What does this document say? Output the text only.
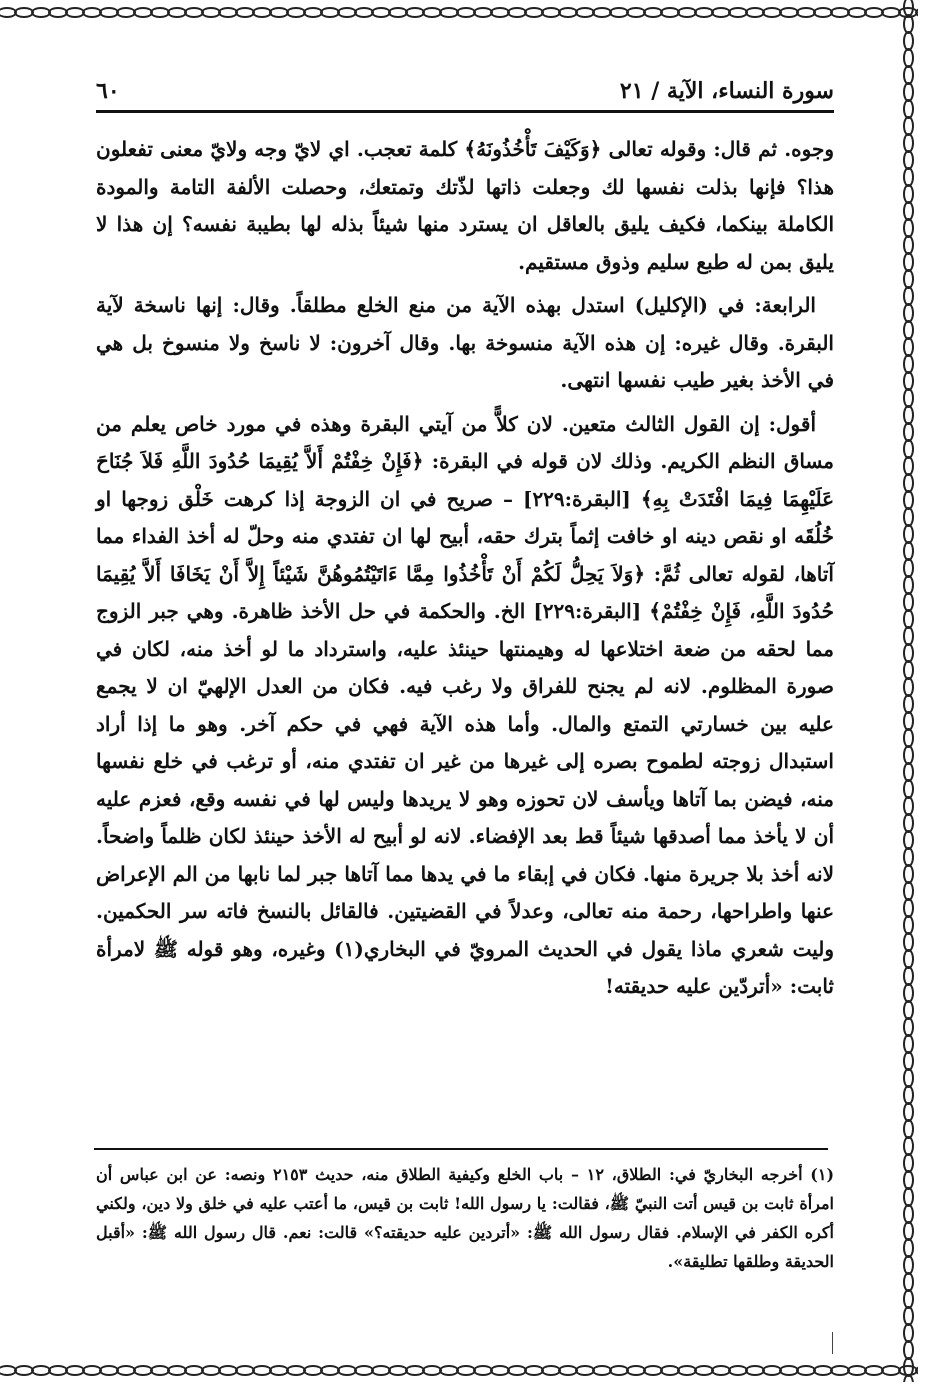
سورة النساء، الآية / ٢١
٦٠

وجوه. ثم قال: وقوله تعالى ﴿وَكَيْفَ تَأْخُذُونَهُ﴾ كلمة تعجب. اي لايّ وجه ولايّ معنى تفعلون هذا؟ فإنها بذلت نفسها لك وجعلت ذاتها لذّتك وتمتعك، وحصلت الألفة التامة والمودة الكاملة بينكما، فكيف يليق بالعاقل ان يسترد منها شيئاً بذله لها بطيبة نفسه؟ إن هذا لا يليق بمن له طبع سليم وذوق مستقيم.

الرابعة: في (الإكليل) استدل بهذه الآية من منع الخلع مطلقاً. وقال: إنها ناسخة لآية البقرة. وقال غيره: إن هذه الآية منسوخة بها. وقال آخرون: لا ناسخ ولا منسوخ بل هي في الأخذ بغير طيب نفسها انتهى.

أقول: إن القول الثالث متعين. لان كلاًّ من آيتي البقرة وهذه في مورد خاص يعلم من مساق النظم الكريم. وذلك لان قوله في البقرة: ﴿فَإِنْ خِفْتُمْ أَلاَّ يُقِيمَا حُدُودَ اللَّهِ فَلاَ جُنَاحَ عَلَيْهِمَا فِيمَا افْتَدَتْ بِهِ﴾ [البقرة:٢٢٩] – صريح في ان الزوجة إذا كرهت خَلْق زوجها او خُلُقَه او نقص دينه او خافت إثماً بترك حقه، أبيح لها ان تفتدي منه وحلّ له أخذ الفداء مما آتاها، لقوله تعالى ثُمَّ: ﴿وَلاَ يَحِلُّ لَكُمْ أَنْ تَأْخُذُوا مِمَّا ءَاتَيْتُمُوهُنَّ شَيْئاً إِلاَّ أَنْ يَخَافَا أَلاَّ يُقِيمَا حُدُودَ اللَّهِ، فَإِنْ خِفْتُمْ﴾ [البقرة:٢٢٩] الخ. والحكمة في حل الأخذ ظاهرة. وهي جبر الزوج مما لحقه من ضعة اختلاعها له وهيمنتها حينئذ عليه، واسترداد ما لو أخذ منه، لكان في صورة المظلوم. لانه لم يجنح للفراق ولا رغب فيه. فكان من العدل الإلهيّ ان لا يجمع عليه بين خسارتي التمتع والمال. وأما هذه الآية فهي في حكم آخر. وهو ما إذا أراد استبدال زوجته لطموح بصره إلى غيرها من غير ان تفتدي منه، أو ترغب في خلع نفسها منه، فيضن بما آتاها ويأسف لان تحوزه وهو لا يريدها وليس لها في نفسه وقع، فعزم عليه أن لا يأخذ مما أصدقها شيئاً قط بعد الإفضاء. لانه لو أبيح له الأخذ حينئذ لكان ظلماً واضحاً. لانه أخذ بلا جريرة منها. فكان في إبقاء ما في يدها مما آتاها جبر لما نابها من الم الإعراض عنها واطراحها، رحمة منه تعالى، وعدلاً في القضيتين. فالقائل بالنسخ فاته سر الحكمين. وليت شعري ماذا يقول في الحديث المرويّ في البخاري(١) وغيره، وهو قوله ﷺ لامرأة ثابت: «أتردّين عليه حديقته!

(١) أخرجه البخاريّ في: الطلاق، ١٢ – باب الخلع وكيفية الطلاق منه، حديث ٢١٥٣ ونصه: عن ابن عباس أن امرأة ثابت بن قيس أتت النبيّ ﷺ، فقالت: يا رسول الله! ثابت بن قيس، ما أعتب عليه في خلق ولا دين، ولكني أكره الكفر في الإسلام. فقال رسول الله ﷺ: «أتردين عليه حديقته؟» قالت: نعم. قال رسول الله ﷺ: «أقبل الحديقة وطلقها تطليقة».
